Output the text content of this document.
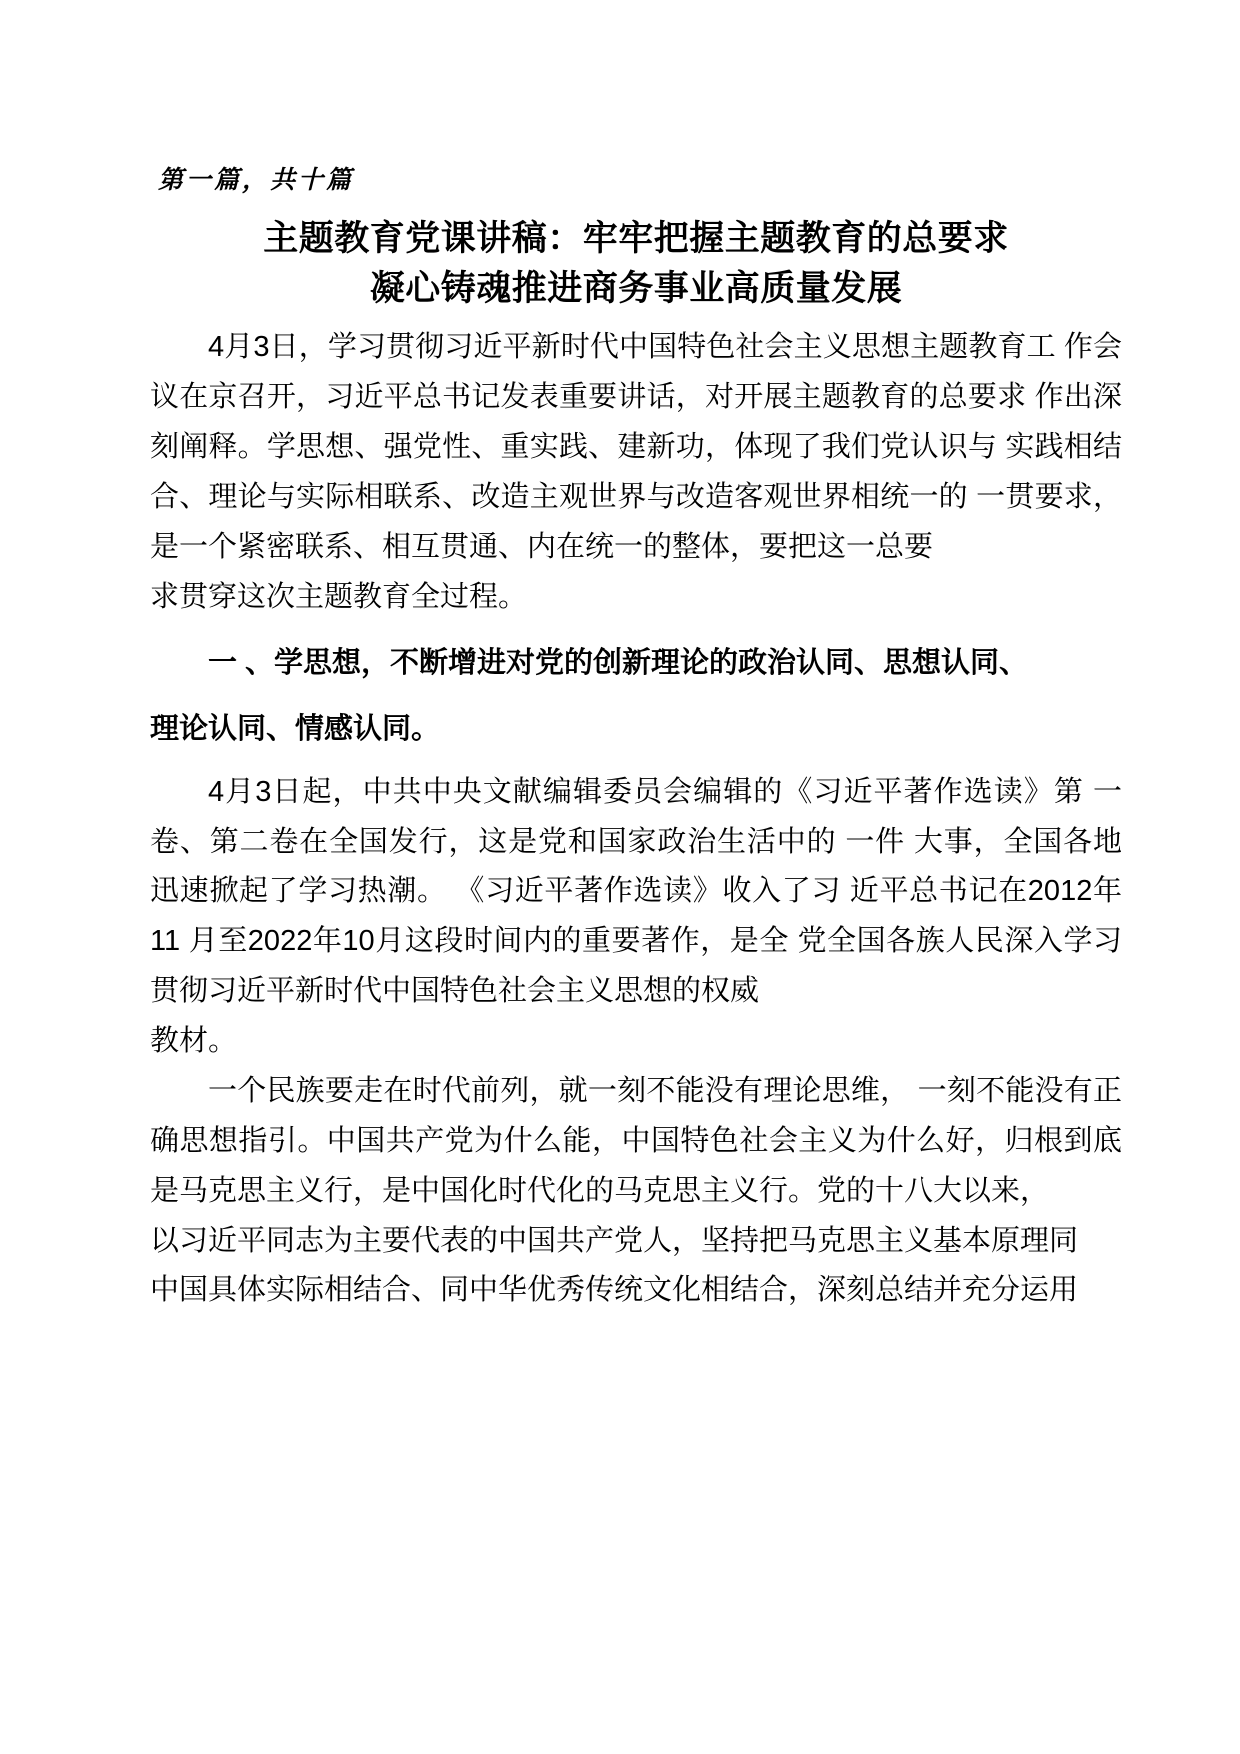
第一篇，共十篇
主题教育党课讲稿：牢牢把握主题教育的总要求
凝心铸魂推进商务事业高质量发展

4月3日，学习贯彻习近平新时代中国特色社会主义思想主题教育工 作会议在京召开，习近平总书记发表重要讲话，对开展主题教育的总要求 作出深刻阐释。学思想、强党性、重实践、建新功，体现了我们党认识与 实践相结合、理论与实际相联系、改造主观世界与改造客观世界相统一的 一贯要求，是一个紧密联系、相互贯通、内在统一的整体，要把这一总要

求贯穿这次主题教育全过程。

一 、学思想，不断增进对党的创新理论的政治认同、思想认同、

理论认同、情感认同。

4月3日起，中共中央文献编辑委员会编辑的《习近平著作选读》第 一卷、第二卷在全国发行，这是党和国家政治生活中的 一件 大事，全国各地迅速掀起了学习热潮。 《习近平著作选读》收入了习 近平总书记在2012年11 月至2022年10月这段时间内的重要著作，是全 党全国各族人民深入学习贯彻习近平新时代中国特色社会主义思想的权威

教材。

一个民族要走在时代前列，就一刻不能没有理论思维， 一刻不能没有正确思想指引。中国共产党为什么能，中国特色社会主义为什么好，归根到底是马克思主义行，是中国化时代化的马克思主义行。党的十八大以来，

以习近平同志为主要代表的中国共产党人，坚持把马克思主义基本原理同

中国具体实际相结合、同中华优秀传统文化相结合，深刻总结并充分运用
